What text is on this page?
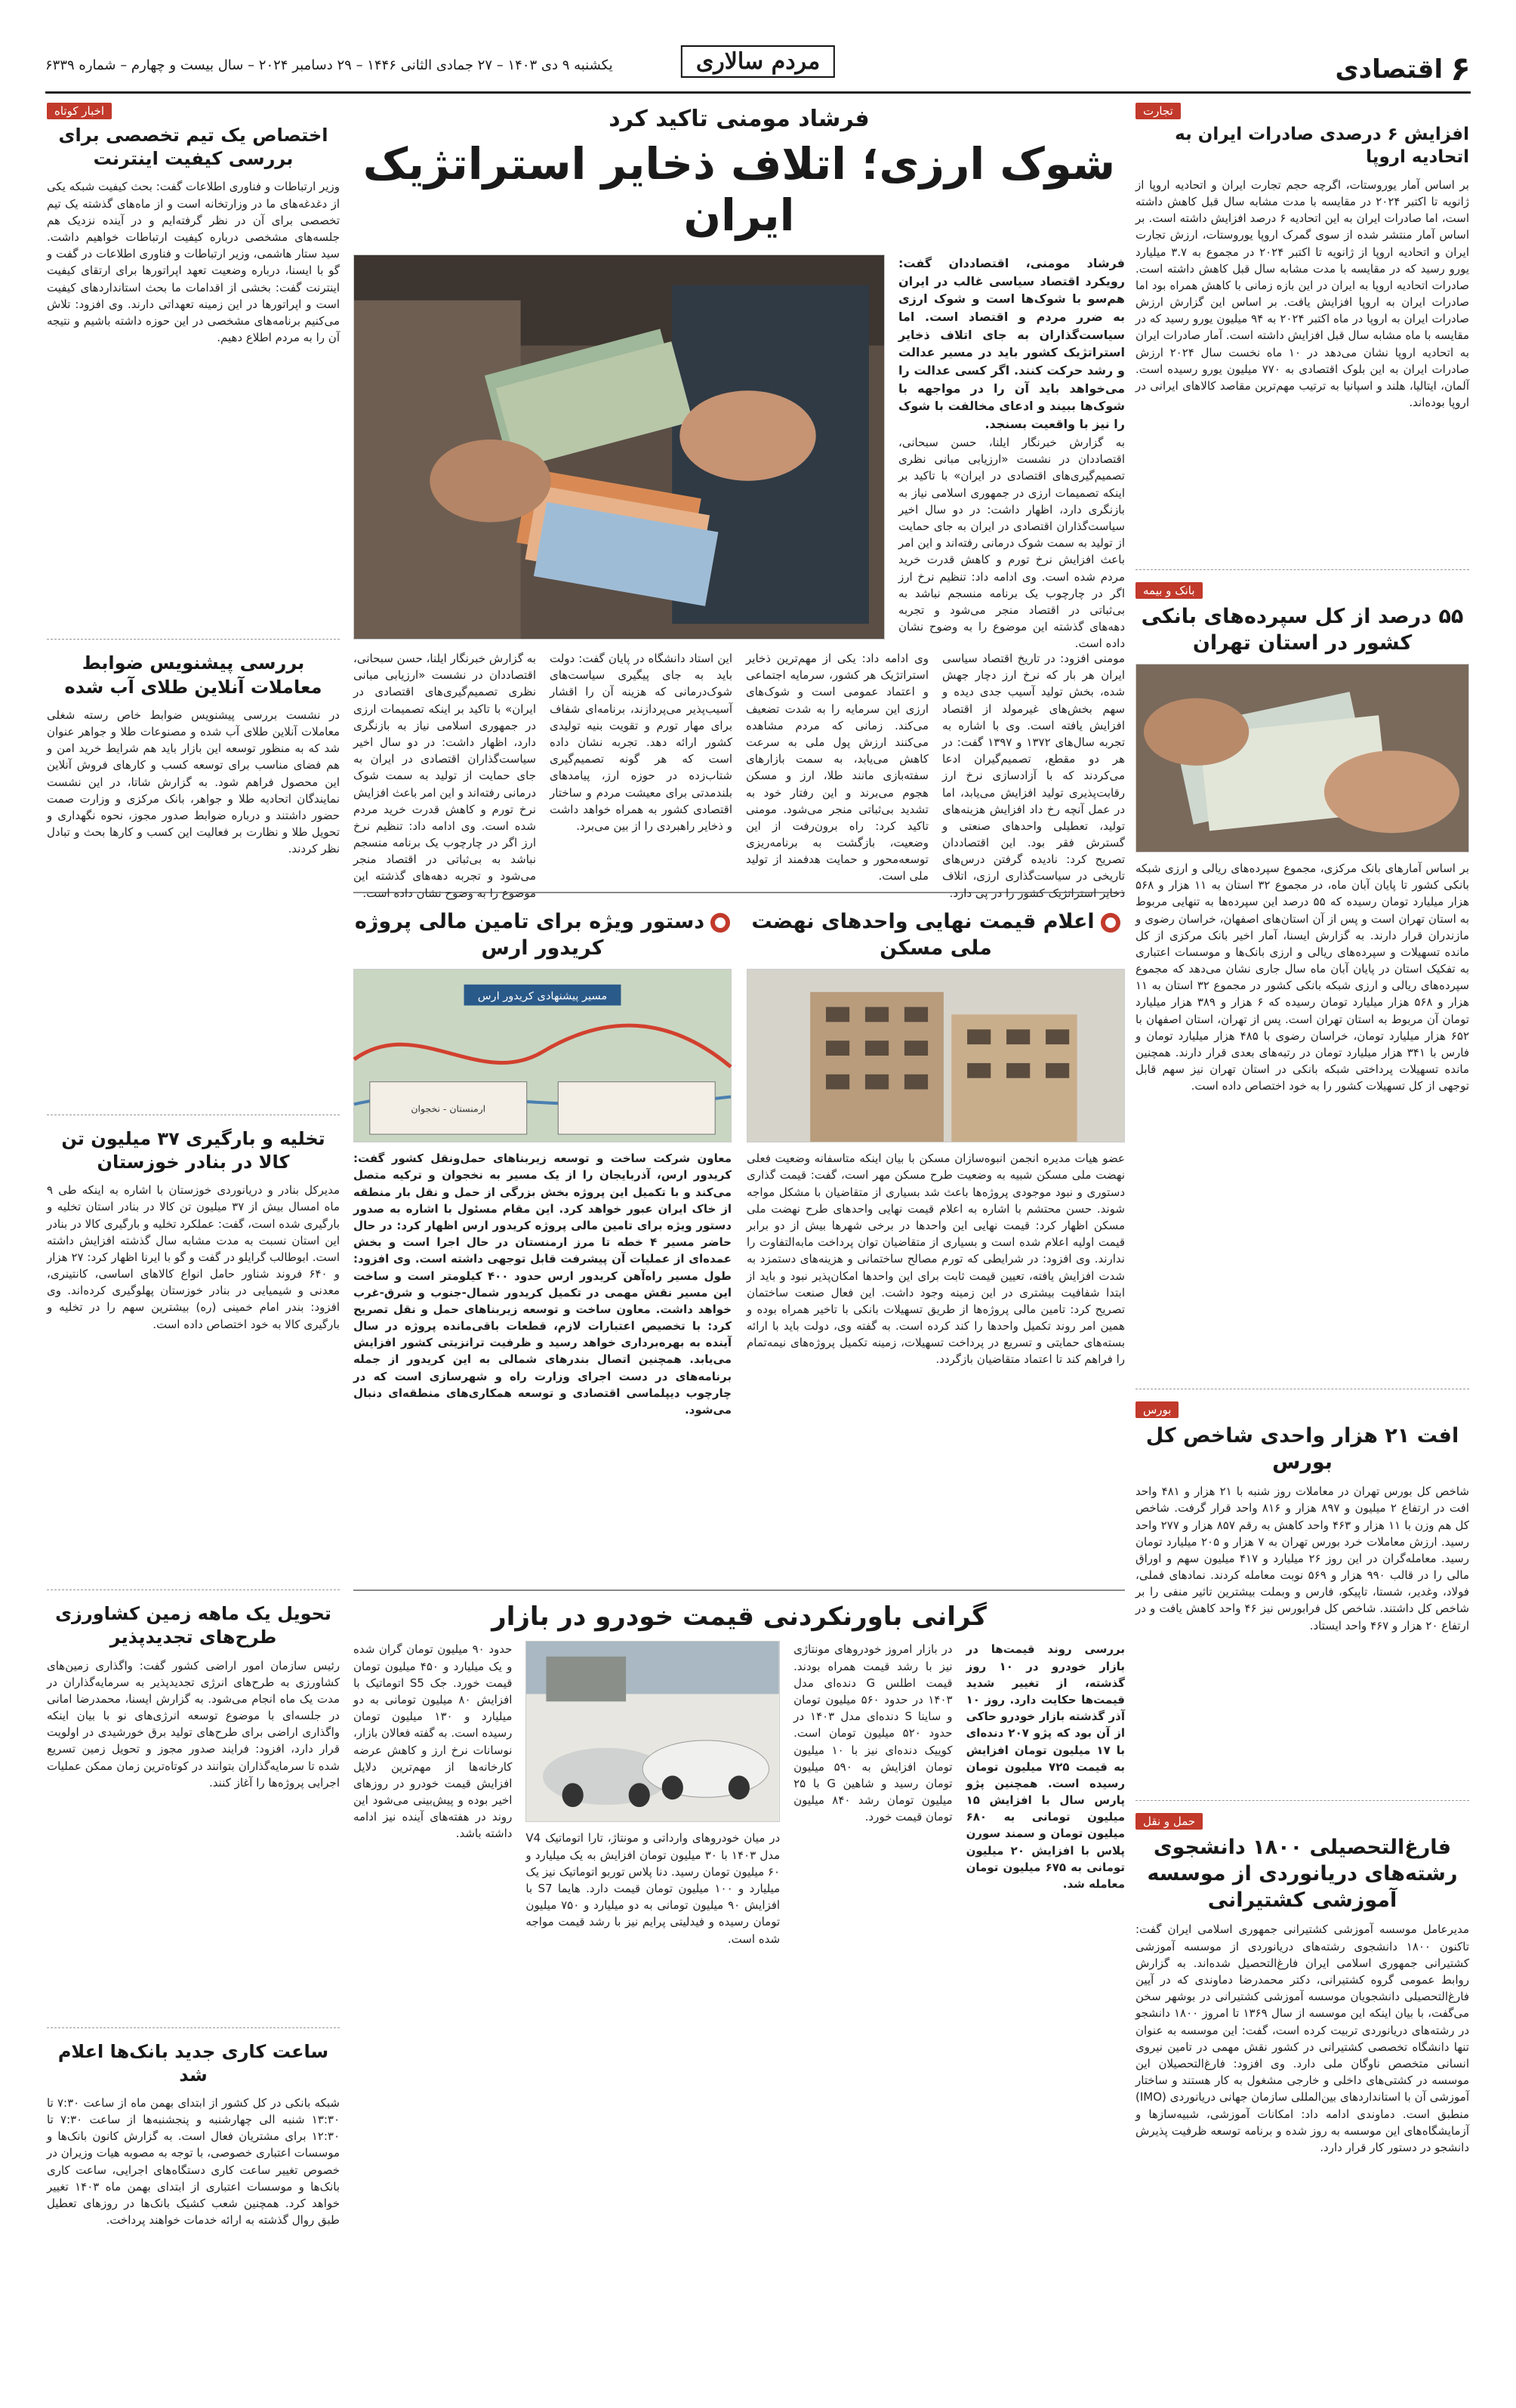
۶
اقتصادی
مردم سالاری
یکشنبه ۹ دی ۱۴۰۳ – ۲۷ جمادی الثانی ۱۴۴۶ – ۲۹ دسامبر ۲۰۲۴ – سال بیست و چهارم – شماره ۶۳۳۹
تجارت
افزایش ۶ درصدی صادرات ایران به اتحادیه اروپا
بر اساس آمار یوروستات، اگرچه حجم تجارت ایران و اتحادیه اروپا از ژانویه تا اکتبر ۲۰۲۴ در مقایسه با مدت مشابه سال قبل کاهش داشته است، اما صادرات ایران به این اتحادیه ۶ درصد افزایش داشته است. بر اساس آمار منتشر شده از سوی گمرک اروپا یوروستات، ارزش تجارت ایران و اتحادیه اروپا از ژانویه تا اکتبر ۲۰۲۴ در مجموع به ۳.۷ میلیارد یورو رسید که در مقایسه با مدت مشابه سال قبل کاهش داشته است. صادرات اتحادیه اروپا به ایران در این بازه زمانی با کاهش همراه بود اما صادرات ایران به اروپا افزایش یافت. بر اساس این گزارش ارزش صادرات ایران به اروپا در ماه اکتبر ۲۰۲۴ به ۹۴ میلیون یورو رسید که در مقایسه با ماه مشابه سال قبل افزایش داشته است. آمار صادرات ایران به اتحادیه اروپا نشان می‌دهد در ۱۰ ماه نخست سال ۲۰۲۴ ارزش صادرات ایران به این بلوک اقتصادی به ۷۷۰ میلیون یورو رسیده است. آلمان، ایتالیا، هلند و اسپانیا به ترتیب مهم‌ترین مقاصد کالاهای ایرانی در اروپا بوده‌اند.
بانک و بیمه
۵۵ درصد از کل سپرده‌های بانکی کشور در استان تهران
بر اساس آمارهای بانک مرکزی، مجموع سپرده‌های ریالی و ارزی شبکه بانکی کشور تا پایان آبان ماه، در مجموع ۳۲ استان به ۱۱ هزار و ۵۶۸ هزار میلیارد تومان رسیده که ۵۵ درصد این سپرده‌ها به تنهایی مربوط به استان تهران است و پس از آن استان‌های اصفهان، خراسان رضوی و مازندران قرار دارند. به گزارش ایسنا، آمار اخیر بانک مرکزی از کل مانده تسهیلات و سپرده‌های ریالی و ارزی بانک‌ها و موسسات اعتباری به تفکیک استان در پایان آبان ماه سال جاری نشان می‌دهد که مجموع سپرده‌های ریالی و ارزی شبکه بانکی کشور در مجموع ۳۲ استان به ۱۱ هزار و ۵۶۸ هزار میلیارد تومان رسیده که ۶ هزار و ۳۸۹ هزار میلیارد تومان آن مربوط به استان تهران است. پس از تهران، استان اصفهان با ۶۵۲ هزار میلیارد تومان، خراسان رضوی با ۴۸۵ هزار میلیارد تومان و فارس با ۳۴۱ هزار میلیارد تومان در رتبه‌های بعدی قرار دارند. همچنین مانده تسهیلات پرداختی شبکه بانکی در استان تهران نیز سهم قابل توجهی از کل تسهیلات کشور را به خود اختصاص داده است.
بورس
افت ۲۱ هزار واحدی شاخص کل بورس
شاخص کل بورس تهران در معاملات روز شنبه با ۲۱ هزار و ۴۸۱ واحد افت در ارتفاع ۲ میلیون و ۸۹۷ هزار و ۸۱۶ واحد قرار گرفت. شاخص کل هم وزن با ۱۱ هزار و ۴۶۳ واحد کاهش به رقم ۸۵۷ هزار و ۲۷۷ واحد رسید. ارزش معاملات خرد بورس تهران به ۷ هزار و ۲۰۵ میلیارد تومان رسید. معامله‌گران در این روز ۲۶ میلیارد و ۴۱۷ میلیون سهم و اوراق مالی را در قالب ۹۹۰ هزار و ۵۶۹ نوبت معامله کردند. نمادهای فملی، فولاد، وغدیر، شستا، تاپیکو، فارس و وبملت بیشترین تاثیر منفی را بر شاخص کل داشتند. شاخص کل فرابورس نیز ۴۶ واحد کاهش یافت و در ارتفاع ۲۰ هزار و ۴۶۷ واحد ایستاد.
حمل و نقل
فارغ‌التحصیلی ۱۸۰۰ دانشجوی رشته‌های دریانوردی از موسسه آموزشی کشتیرانی
مدیرعامل موسسه آموزشی کشتیرانی جمهوری اسلامی ایران گفت: تاکنون ۱۸۰۰ دانشجوی رشته‌های دریانوردی از موسسه آموزشی کشتیرانی جمهوری اسلامی ایران فارغ‌التحصیل شده‌اند. به گزارش روابط عمومی گروه کشتیرانی، دکتر محمدرضا دماوندی که در آیین فارغ‌التحصیلی دانشجویان موسسه آموزشی کشتیرانی در بوشهر سخن می‌گفت، با بیان اینکه این موسسه از سال ۱۳۶۹ تا امروز ۱۸۰۰ دانشجو در رشته‌های دریانوردی تربیت کرده است، گفت: این موسسه به عنوان تنها دانشگاه تخصصی کشتیرانی در کشور نقش مهمی در تامین نیروی انسانی متخصص ناوگان ملی دارد. وی افزود: فارغ‌التحصیلان این موسسه در کشتی‌های داخلی و خارجی مشغول به کار هستند و ساختار آموزشی آن با استانداردهای بین‌المللی سازمان جهانی دریانوردی (IMO) منطبق است. دماوندی ادامه داد: امکانات آموزشی، شبیه‌سازها و آزمایشگاه‌های این موسسه به روز شده و برنامه توسعه ظرفیت پذیرش دانشجو در دستور کار قرار دارد.
اخبار کوتاه
اختصاص یک تیم تخصصی برای بررسی کیفیت اینترنت
وزیر ارتباطات و فناوری اطلاعات گفت: بحث کیفیت شبکه یکی از دغدغه‌های ما در وزارتخانه است و از ماه‌های گذشته یک تیم تخصصی برای آن در نظر گرفته‌ایم و در آینده نزدیک هم جلسه‌های مشخصی درباره کیفیت ارتباطات خواهیم داشت. سید ستار هاشمی، وزیر ارتباطات و فناوری اطلاعات در گفت و گو با ایسنا، درباره وضعیت تعهد اپراتورها برای ارتقای کیفیت اینترنت گفت: بخشی از اقدامات ما بحث استانداردهای کیفیت است و اپراتورها در این زمینه تعهداتی دارند. وی افزود: تلاش می‌کنیم برنامه‌های مشخصی در این حوزه داشته باشیم و نتیجه آن را به مردم اطلاع دهیم.
بررسی پیشنویس ضوابط معاملات آنلاین طلای آب شده
در نشست بررسی پیشنویس ضوابط خاص رسته شغلی معاملات آنلاین طلای آب شده و مصنوعات طلا و جواهر عنوان شد که به منظور توسعه این بازار باید هم شرایط خرید امن و هم فضای مناسب برای توسعه کسب و کارهای فروش آنلاین این محصول فراهم شود. به گزارش شاتا، در این نشست نمایندگان اتحادیه طلا و جواهر، بانک مرکزی و وزارت صمت حضور داشتند و درباره ضوابط صدور مجوز، نحوه نگهداری و تحویل طلا و نظارت بر فعالیت این کسب و کارها بحث و تبادل نظر کردند.
تخلیه و بارگیری ۳۷ میلیون تن کالا در بنادر خوزستان
مدیرکل بنادر و دریانوردی خوزستان با اشاره به اینکه طی ۹ ماه امسال بیش از ۳۷ میلیون تن کالا در بنادر استان تخلیه و بارگیری شده است، گفت: عملکرد تخلیه و بارگیری کالا در بنادر این استان نسبت به مدت مشابه سال گذشته افزایش داشته است. ابوطالب گرایلو در گفت و گو با ایرنا اظهار کرد: ۲۷ هزار و ۶۴۰ فروند شناور حامل انواع کالاهای اساسی، کانتینری، معدنی و شیمیایی در بنادر خوزستان پهلوگیری کرده‌اند. وی افزود: بندر امام خمینی (ره) بیشترین سهم را در تخلیه و بارگیری کالا به خود اختصاص داده است.
تحویل یک ماهه زمین کشاورزی طرح‌های تجدیدپذیر
رئیس سازمان امور اراضی کشور گفت: واگذاری زمین‌های کشاورزی به طرح‌های انرژی تجدیدپذیر به سرمایه‌گذاران در مدت یک ماه انجام می‌شود. به گزارش ایسنا، محمدرضا امانی در جلسه‌ای با موضوع توسعه انرژی‌های نو با بیان اینکه واگذاری اراضی برای طرح‌های تولید برق خورشیدی در اولویت قرار دارد، افزود: فرایند صدور مجوز و تحویل زمین تسریع شده تا سرمایه‌گذاران بتوانند در کوتاه‌ترین زمان ممکن عملیات اجرایی پروژه‌ها را آغاز کنند.
ساعت کاری جدید بانک‌ها اعلام شد
شبکه بانکی در کل کشور از ابتدای بهمن ماه از ساعت ۷:۳۰ تا ۱۳:۳۰ شنبه الی چهارشنبه و پنجشنبه‌ها از ساعت ۷:۳۰ تا ۱۲:۳۰ برای مشتریان فعال است. به گزارش کانون بانک‌ها و موسسات اعتباری خصوصی، با توجه به مصوبه هیات وزیران در خصوص تغییر ساعت کاری دستگاه‌های اجرایی، ساعت کاری بانک‌ها و موسسات اعتباری از ابتدای بهمن ماه ۱۴۰۳ تغییر خواهد کرد. همچنین شعب کشیک بانک‌ها در روزهای تعطیل طبق روال گذشته به ارائه خدمات خواهند پرداخت.
فرشاد مومنی تاکید کرد
شوک ارزی؛ اتلاف ذخایر استراتژیک ایران
فرشاد مومنی، اقتصاددان گفت: رویکرد اقتصاد سیاسی غالب در ایران هم‌سو با شوک‌ها است و شوک ارزی به ضرر مردم و اقتصاد است. اما سیاست‌گذاران به جای اتلاف ذخایر استراتژیک کشور باید در مسیر عدالت و رشد حرکت کنند. اگر کسی عدالت را می‌خواهد باید آن را در مواجهه با شوک‌ها ببیند و ادعای مخالفت با شوک را نیز با واقعیت بسنجد.
به گزارش خبرنگار ایلنا، حسن سبحانی، اقتصاددان در نشست «ارزیابی مبانی نظری تصمیم‌گیری‌های اقتصادی در ایران» با تاکید بر اینکه تصمیمات ارزی در جمهوری اسلامی نیاز به بازنگری دارد، اظهار داشت: در دو سال اخیر سیاست‌گذاران اقتصادی در ایران به جای حمایت از تولید به سمت شوک درمانی رفته‌اند و این امر باعث افزایش نرخ تورم و کاهش قدرت خرید مردم شده است. وی ادامه داد: تنظیم نرخ ارز اگر در چارچوب یک برنامه منسجم نباشد به بی‌ثباتی در اقتصاد منجر می‌شود و تجربه دهه‌های گذشته این موضوع را به وضوح نشان داده است.
مومنی افزود: در تاریخ اقتصاد سیاسی ایران هر بار که نرخ ارز دچار جهش شده، بخش تولید آسیب جدی دیده و سهم بخش‌های غیرمولد از اقتصاد افزایش یافته است. وی با اشاره به تجربه سال‌های ۱۳۷۲ و ۱۳۹۷ گفت: در هر دو مقطع، تصمیم‌گیران ادعا می‌کردند که با آزادسازی نرخ ارز رقابت‌پذیری تولید افزایش می‌یابد، اما در عمل آنچه رخ داد افزایش هزینه‌های تولید، تعطیلی واحدهای صنعتی و گسترش فقر بود. این اقتصاددان تصریح کرد: نادیده گرفتن درس‌های تاریخی در سیاست‌گذاری ارزی، اتلاف ذخایر استراتژیک کشور را در پی دارد.
وی ادامه داد: یکی از مهم‌ترین ذخایر استراتژیک هر کشور، سرمایه اجتماعی و اعتماد عمومی است و شوک‌های ارزی این سرمایه را به شدت تضعیف می‌کند. زمانی که مردم مشاهده می‌کنند ارزش پول ملی به سرعت کاهش می‌یابد، به سمت بازارهای سفته‌بازی مانند طلا، ارز و مسکن هجوم می‌برند و این رفتار خود به تشدید بی‌ثباتی منجر می‌شود. مومنی تاکید کرد: راه برون‌رفت از این وضعیت، بازگشت به برنامه‌ریزی توسعه‌محور و حمایت هدفمند از تولید ملی است.
این استاد دانشگاه در پایان گفت: دولت باید به جای پیگیری سیاست‌های شوک‌درمانی که هزینه آن را اقشار آسیب‌پذیر می‌پردازند، برنامه‌ای شفاف برای مهار تورم و تقویت بنیه تولیدی کشور ارائه دهد. تجربه نشان داده است که هر گونه تصمیم‌گیری شتاب‌زده در حوزه ارز، پیامدهای بلندمدتی برای معیشت مردم و ساختار اقتصادی کشور به همراه خواهد داشت و ذخایر راهبردی را از بین می‌برد.
به گزارش خبرنگار ایلنا، حسن سبحانی، اقتصاددان در نشست «ارزیابی مبانی نظری تصمیم‌گیری‌های اقتصادی در ایران» با تاکید بر اینکه تصمیمات ارزی در جمهوری اسلامی نیاز به بازنگری دارد، اظهار داشت: در دو سال اخیر سیاست‌گذاران اقتصادی در ایران به جای حمایت از تولید به سمت شوک درمانی رفته‌اند و این امر باعث افزایش نرخ تورم و کاهش قدرت خرید مردم شده است. وی ادامه داد: تنظیم نرخ ارز اگر در چارچوب یک برنامه منسجم نباشد به بی‌ثباتی در اقتصاد منجر می‌شود و تجربه دهه‌های گذشته این موضوع را به وضوح نشان داده است.
اعلام قیمت نهایی واحدهای نهضت ملی مسکن
عضو هیات مدیره انجمن انبوه‌سازان مسکن با بیان اینکه متاسفانه وضعیت فعلی نهضت ملی مسکن شبیه به وضعیت طرح مسکن مهر است، گفت: قیمت گذاری دستوری و نبود موجودی پروژه‌ها باعث شد بسیاری از متقاضیان با مشکل مواجه شوند. حسن محتشم با اشاره به اعلام قیمت نهایی واحدهای طرح نهضت ملی مسکن اظهار کرد: قیمت نهایی این واحدها در برخی شهرها بیش از دو برابر قیمت اولیه اعلام شده است و بسیاری از متقاضیان توان پرداخت مابه‌التفاوت را ندارند. وی افزود: در شرایطی که تورم مصالح ساختمانی و هزینه‌های دستمزد به شدت افزایش یافته، تعیین قیمت ثابت برای این واحدها امکان‌پذیر نبود و باید از ابتدا شفافیت بیشتری در این زمینه وجود داشت. این فعال صنعت ساختمان تصریح کرد: تامین مالی پروژه‌ها از طریق تسهیلات بانکی با تاخیر همراه بوده و همین امر روند تکمیل واحدها را کند کرده است. به گفته وی، دولت باید با ارائه بسته‌های حمایتی و تسریع در پرداخت تسهیلات، زمینه تکمیل پروژه‌های نیمه‌تمام را فراهم کند تا اعتماد متقاضیان بازگردد.
دستور ویژه برای تامین مالی پروژه کریدور ارس
مسیر پیشنهادی کریدور ارس
ارمنستان - نخجوان
معاون شرکت ساخت و توسعه زیربناهای حمل‌ونقل کشور گفت: کریدور ارس، آذربایجان را از یک مسیر به نخجوان و ترکیه متصل می‌کند و با تکمیل این پروژه بخش بزرگی از حمل و نقل بار منطقه از خاک ایران عبور خواهد کرد. این مقام مسئول با اشاره به صدور دستور ویژه برای تامین مالی پروژه کریدور ارس اظهار کرد: در حال حاضر مسیر ۴ خطه تا مرز ارمنستان در حال اجرا است و بخش عمده‌ای از عملیات آن پیشرفت قابل توجهی داشته است. وی افزود: طول مسیر راه‌آهن کریدور ارس حدود ۴۰۰ کیلومتر است و ساخت این مسیر نقش مهمی در تکمیل کریدور شمال-جنوب و شرق-غرب خواهد داشت. معاون ساخت و توسعه زیربناهای حمل و نقل تصریح کرد: با تخصیص اعتبارات لازم، قطعات باقی‌مانده پروژه در سال آینده به بهره‌برداری خواهد رسید و ظرفیت ترانزیتی کشور افزایش می‌یابد. همچنین اتصال بندرهای شمالی به این کریدور از جمله برنامه‌های در دست اجرای وزارت راه و شهرسازی است که در چارچوب دیپلماسی اقتصادی و توسعه همکاری‌های منطقه‌ای دنبال می‌شود.
گرانی باورنکردنی قیمت خودرو در بازار
بررسی روند قیمت‌ها در بازار خودرو در ۱۰ روز گذشته، از تغییر شدید قیمت‌ها حکایت دارد. روز ۱۰ آذر گذشته بازار خودرو حاکی از آن بود که پژو ۲۰۷ دنده‌ای با ۱۷ میلیون تومان افزایش به قیمت ۷۲۵ میلیون تومان رسیده است. همچنین پژو پارس سال با افزایش ۱۵ میلیون تومانی به ۶۸۰ میلیون تومان و سمند سورن پلاس با افزایش ۲۰ میلیون تومانی به ۶۷۵ میلیون تومان معامله شد.
در بازار امروز خودروهای مونتاژی نیز با رشد قیمت همراه بودند. قیمت اطلس G دنده‌ای مدل ۱۴۰۳ در حدود ۵۶۰ میلیون تومان و ساینا S دنده‌ای مدل ۱۴۰۳ در حدود ۵۲۰ میلیون تومان است. کوییک دنده‌ای نیز با ۱۰ میلیون تومان افزایش به ۵۹۰ میلیون تومان رسید و شاهین G با ۲۵ میلیون تومان رشد ۸۴۰ میلیون تومان قیمت خورد.
در میان خودروهای وارداتی و مونتاژ، تارا اتوماتیک V4 مدل ۱۴۰۳ با ۳۰ میلیون تومان افزایش به یک میلیارد و ۶۰ میلیون تومان رسید. دنا پلاس توربو اتوماتیک نیز یک میلیارد و ۱۰۰ میلیون تومان قیمت دارد. هایما S7 با افزایش ۹۰ میلیون تومانی به دو میلیارد و ۷۵۰ میلیون تومان رسیده و فیدلیتی پرایم نیز با رشد قیمت مواجه شده است.
حدود ۹۰ میلیون تومان گران شده و یک میلیارد و ۴۵۰ میلیون تومان قیمت خورد. جک S5 اتوماتیک با افزایش ۸۰ میلیون تومانی به دو میلیارد و ۱۳۰ میلیون تومان رسیده است. به گفته فعالان بازار، نوسانات نرخ ارز و کاهش عرضه کارخانه‌ها از مهم‌ترین دلایل افزایش قیمت خودرو در روزهای اخیر بوده و پیش‌بینی می‌شود این روند در هفته‌های آینده نیز ادامه داشته باشد.
